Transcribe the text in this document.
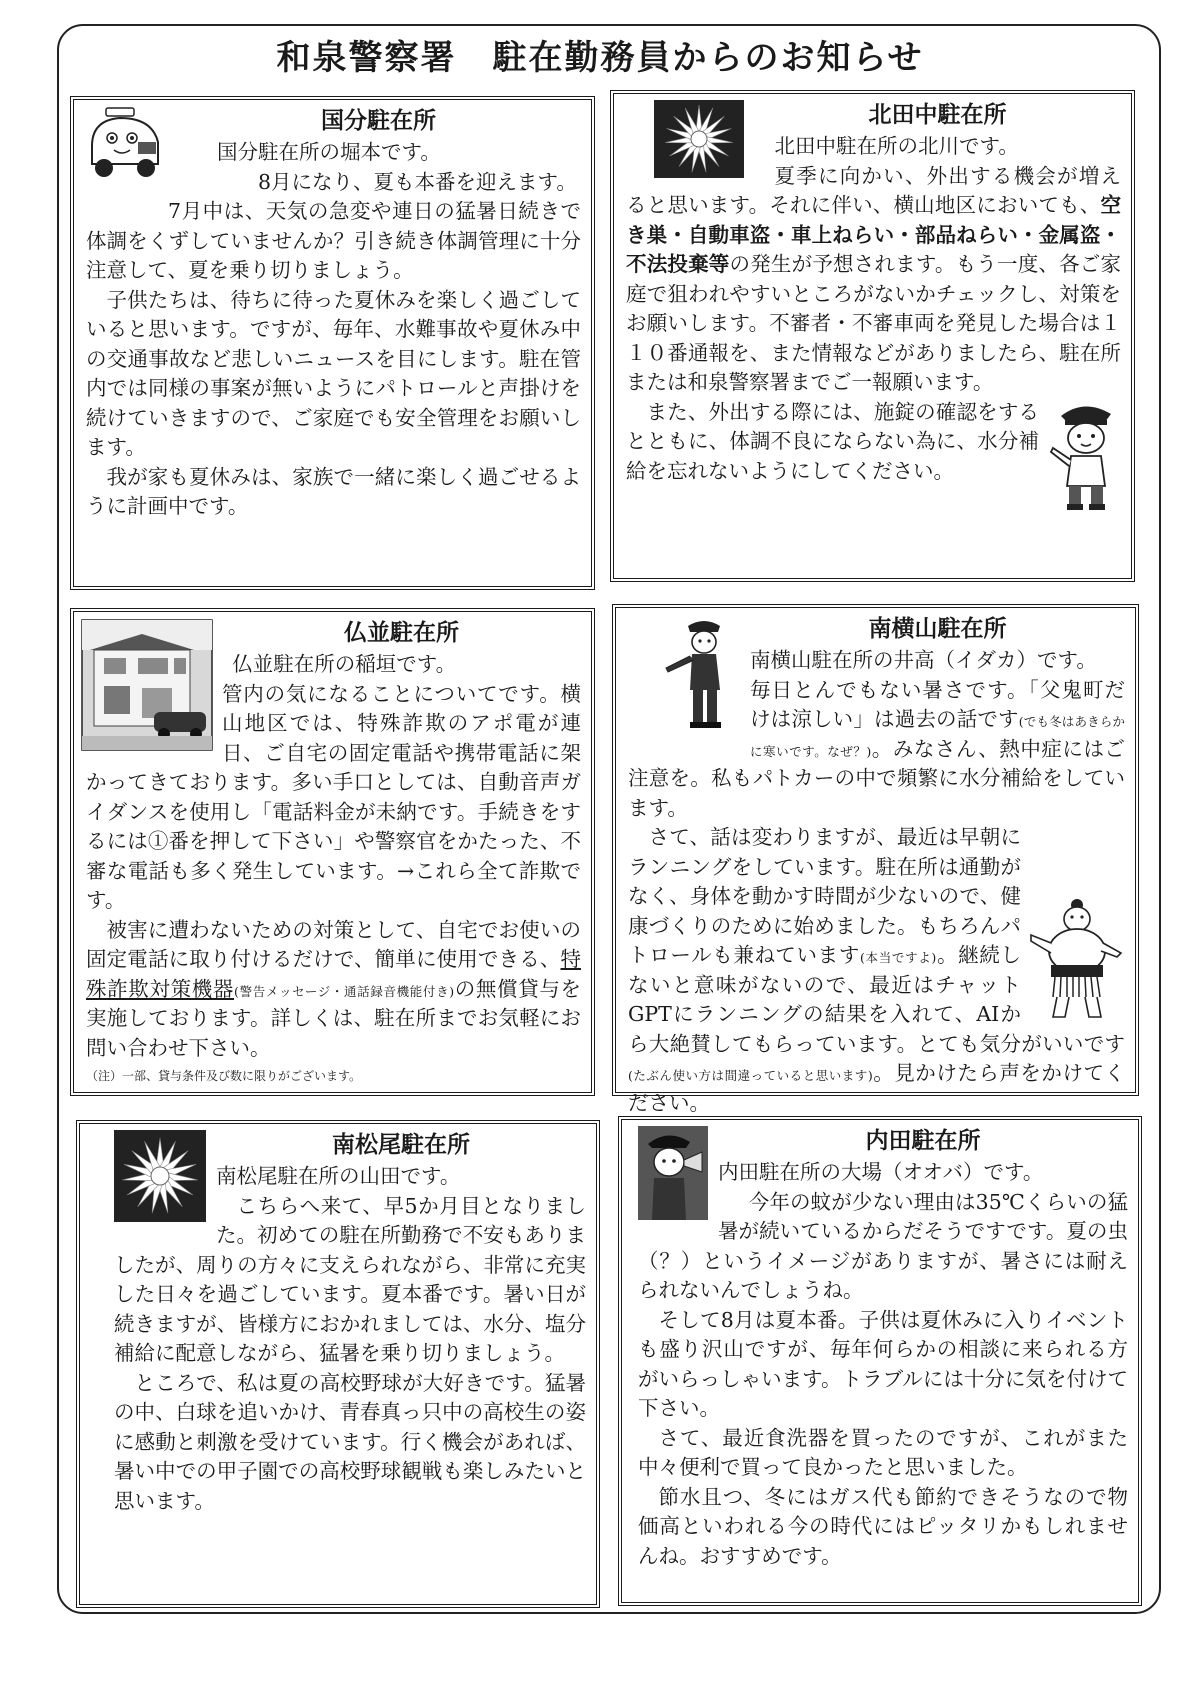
和泉警察署　駐在勤務員からのお知らせ
国分駐在所

国分駐在所の堀本です。

8月になり、夏も本番を迎えます。

7月中は、天気の急変や連日の猛暑日続きで体調をくずしていませんか？引き続き体調管理に十分注意して、夏を乗り切りましょう。

子供たちは、待ちに待った夏休みを楽しく過ごしていると思います。ですが、毎年、水難事故や夏休み中の交通事故など悲しいニュースを目にします。駐在管内では同様の事案が無いようにパトロールと声掛けを続けていきますので、ご家庭でも安全管理をお願いします。

我が家も夏休みは、家族で一緒に楽しく過ごせるように計画中です。

北田中駐在所

北田中駐在所の北川です。

夏季に向かい、外出する機会が増えると思います。それに伴い、横山地区においても、空き巣・自動車盗・車上ねらい・部品ねらい・金属盗・不法投棄等の発生が予想されます。もう一度、各ご家庭で狙われやすいところがないかチェックし、対策をお願いします。不審者・不審車両を発見した場合は１１０番通報を、また情報などがありましたら、駐在所または和泉警察署までご一報願います。

また、外出する際には、施錠の確認をするとともに、体調不良にならない為に、水分補給を忘れないようにしてください。

仏並駐在所

仏並駐在所の稲垣です。

管内の気になることについてです。横山地区では、特殊詐欺のアポ電が連日、ご自宅の固定電話や携帯電話に架かってきております。多い手口としては、自動音声ガイダンスを使用し「電話料金が未納です。手続きをするには①番を押して下さい」や警察官をかたった、不審な電話も多く発生しています。→これら全て詐欺です。

被害に遭わないための対策として、自宅でお使いの固定電話に取り付けるだけで、簡単に使用できる、特殊詐欺対策機器(警告メッセージ・通話録音機能付き)の無償貸与を実施しております。詳しくは、駐在所までお気軽にお問い合わせ下さい。

（注）一部、貸与条件及び数に限りがございます。

南横山駐在所

南横山駐在所の井高（イダカ）です。

毎日とんでもない暑さです。「父鬼町だけは涼しい」は過去の話です(でも冬はあきらかに寒いです。なぜ？)。みなさん、熱中症にはご注意を。私もパトカーの中で頻繁に水分補給をしています。

さて、話は変わりますが、最近は早朝にランニングをしています。駐在所は通勤がなく、身体を動かす時間が少ないので、健康づくりのために始めました。もちろんパトロールも兼ねています(本当ですよ)。継続しないと意味がないので、最近はチャットGPTにランニングの結果を入れて、AIから大絶賛してもらっています。とても気分がいいです(たぶん使い方は間違っていると思います)。見かけたら声をかけてください。

南松尾駐在所

南松尾駐在所の山田です。

こちらへ来て、早5か月目となりました。初めての駐在所勤務で不安もありましたが、周りの方々に支えられながら、非常に充実した日々を過ごしています。夏本番です。暑い日が続きますが、皆様方におかれましては、水分、塩分補給に配意しながら、猛暑を乗り切りましょう。

ところで、私は夏の高校野球が大好きです。猛暑の中、白球を追いかけ、青春真っ只中の高校生の姿に感動と刺激を受けています。行く機会があれば、暑い中での甲子園での高校野球観戦も楽しみたいと思います。

内田駐在所

内田駐在所の大場（オオバ）です。

今年の蚊が少ない理由は35℃くらいの猛暑が続いているからだそうですです。夏の虫（？）というイメージがありますが、暑さには耐えられないんでしょうね。

そして8月は夏本番。子供は夏休みに入りイベントも盛り沢山ですが、毎年何らかの相談に来られる方がいらっしゃいます。トラブルには十分に気を付けて下さい。

さて、最近食洗器を買ったのですが、これがまた中々便利で買って良かったと思いました。

節水且つ、冬にはガス代も節約できそうなので物価高といわれる今の時代にはピッタリかもしれませんね。おすすめです。
